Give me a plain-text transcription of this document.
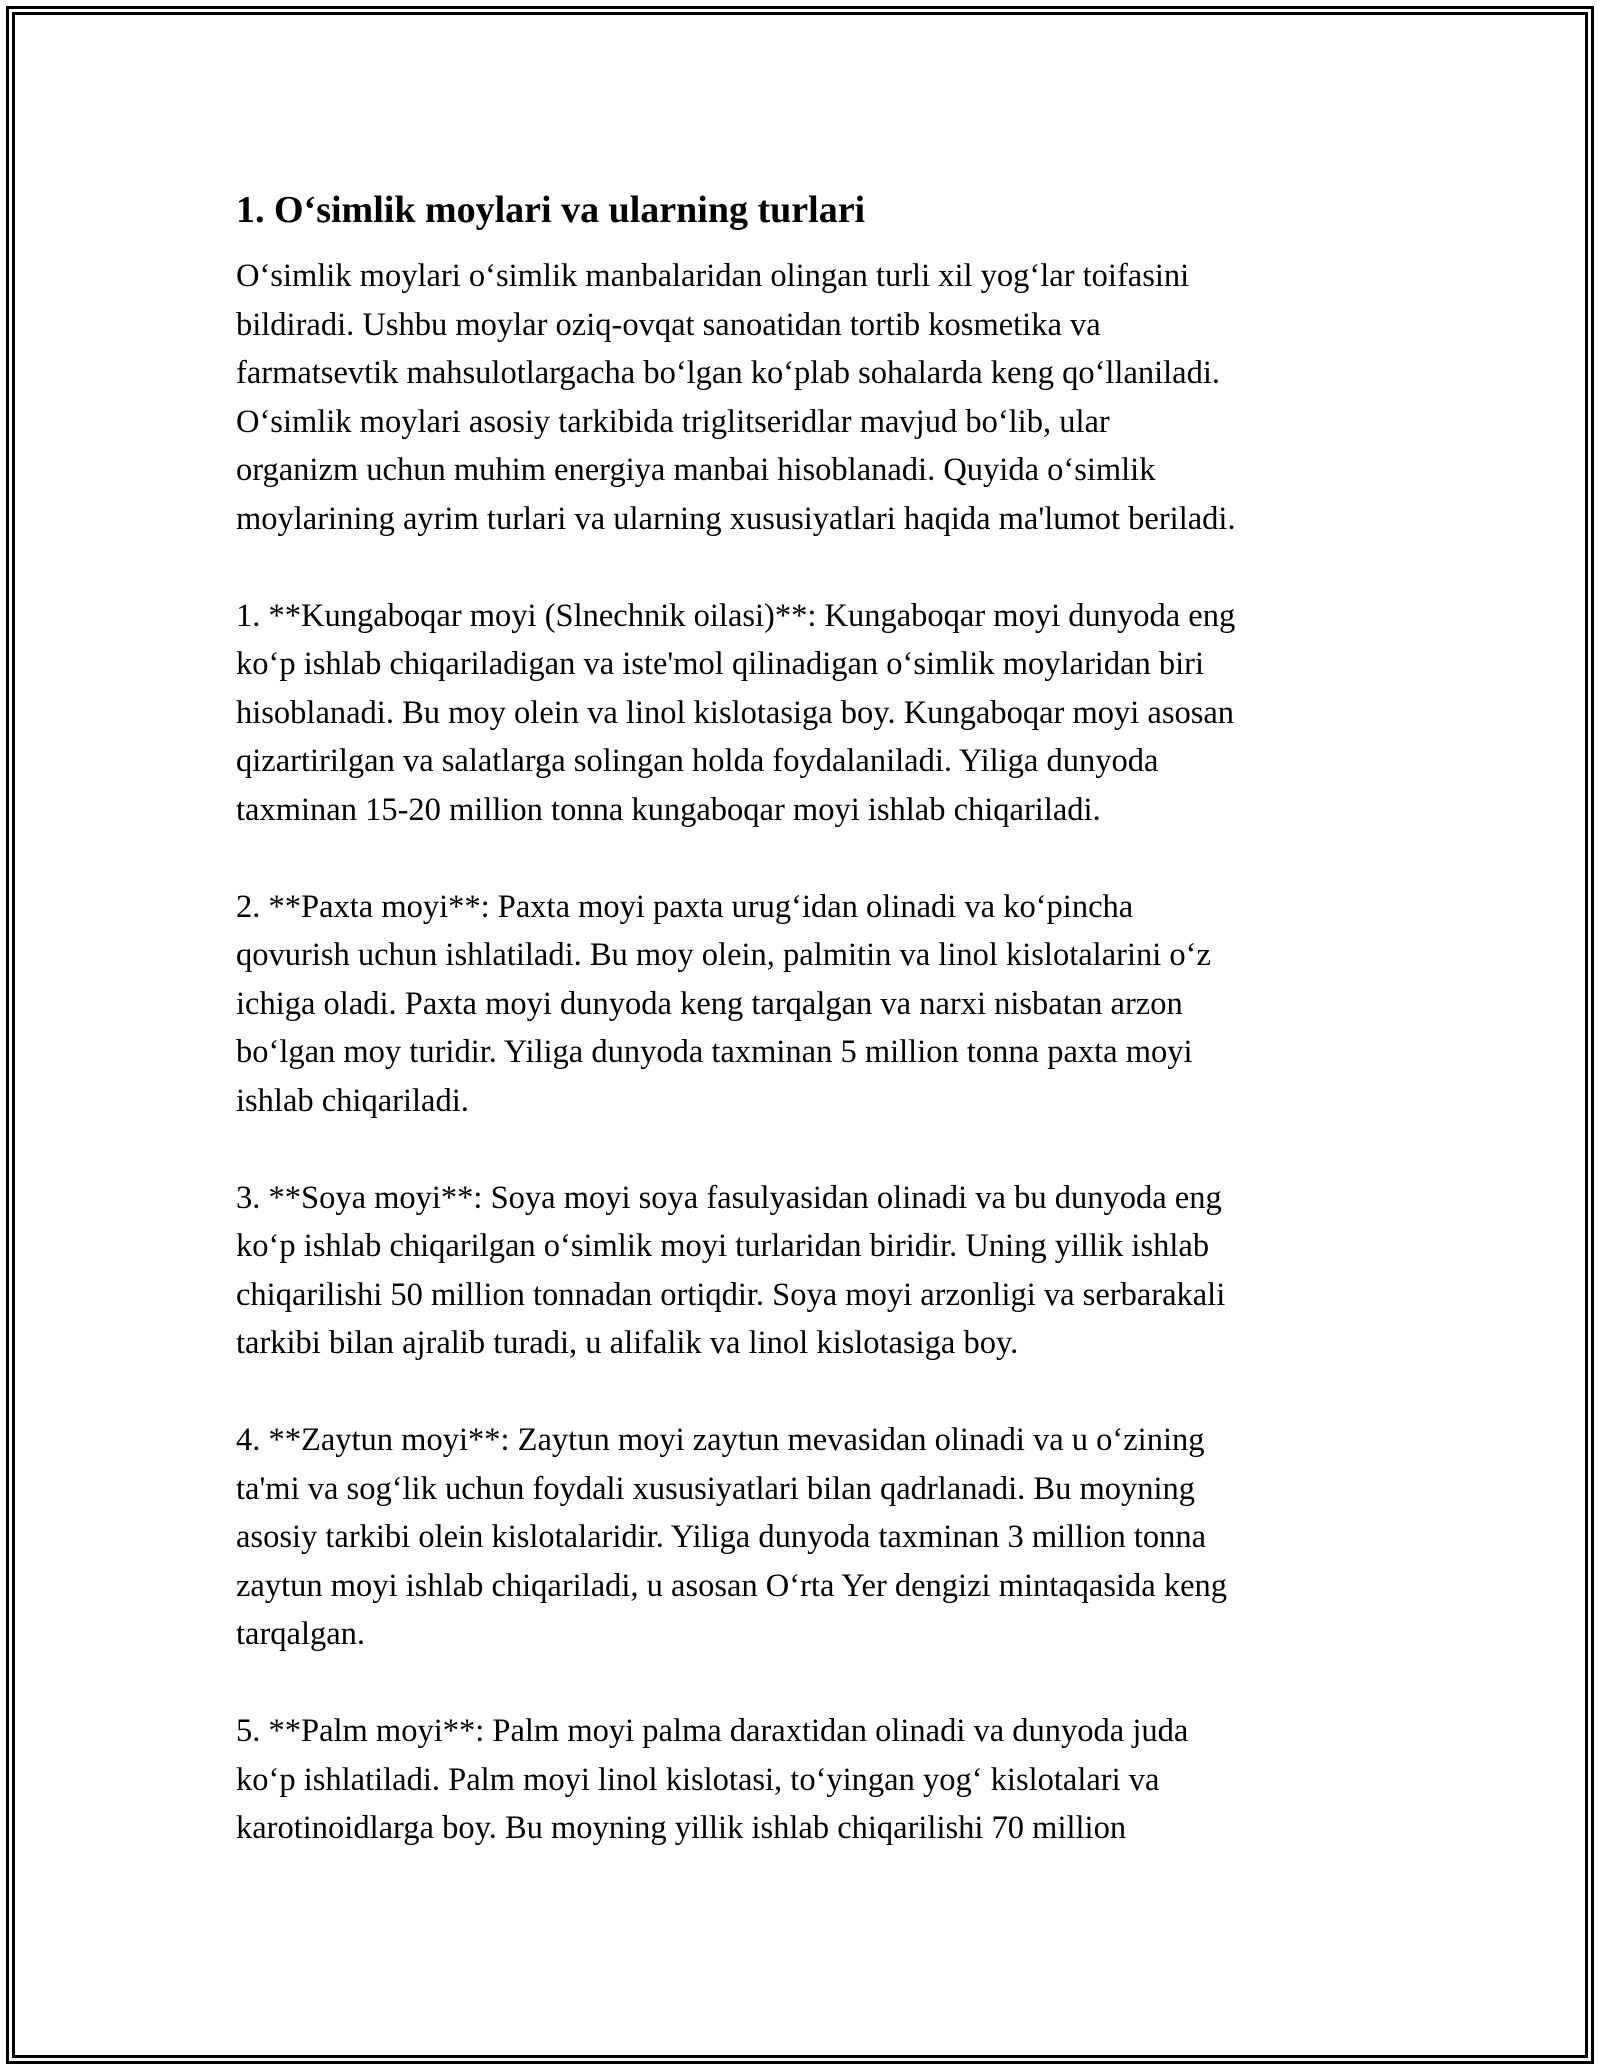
1. O‘simlik moylari va ularning turlari
O‘simlik moylari o‘simlik manbalaridan olingan turli xil yog‘lar toifasini
bildiradi. Ushbu moylar oziq-ovqat sanoatidan tortib kosmetika va
farmatsevtik mahsulotlargacha bo‘lgan ko‘plab sohalarda keng qo‘llaniladi.
O‘simlik moylari asosiy tarkibida triglitseridlar mavjud bo‘lib, ular
organizm uchun muhim energiya manbai hisoblanadi. Quyida o‘simlik
moylarining ayrim turlari va ularning xususiyatlari haqida ma'lumot beriladi.
1. **Kungaboqar moyi (Slnechnik oilasi)**: Kungaboqar moyi dunyoda eng
ko‘p ishlab chiqariladigan va iste'mol qilinadigan o‘simlik moylaridan biri
hisoblanadi. Bu moy olein va linol kislotasiga boy. Kungaboqar moyi asosan
qizartirilgan va salatlarga solingan holda foydalaniladi. Yiliga dunyoda
taxminan 15-20 million tonna kungaboqar moyi ishlab chiqariladi.
2. **Paxta moyi**: Paxta moyi paxta urug‘idan olinadi va ko‘pincha
qovurish uchun ishlatiladi. Bu moy olein, palmitin va linol kislotalarini o‘z
ichiga oladi. Paxta moyi dunyoda keng tarqalgan va narxi nisbatan arzon
bo‘lgan moy turidir. Yiliga dunyoda taxminan 5 million tonna paxta moyi
ishlab chiqariladi.
3. **Soya moyi**: Soya moyi soya fasulyasidan olinadi va bu dunyoda eng
ko‘p ishlab chiqarilgan o‘simlik moyi turlaridan biridir. Uning yillik ishlab
chiqarilishi 50 million tonnadan ortiqdir. Soya moyi arzonligi va serbarakali
tarkibi bilan ajralib turadi, u alifalik va linol kislotasiga boy.
4. **Zaytun moyi**: Zaytun moyi zaytun mevasidan olinadi va u o‘zining
ta'mi va sog‘lik uchun foydali xususiyatlari bilan qadrlanadi. Bu moyning
asosiy tarkibi olein kislotalaridir. Yiliga dunyoda taxminan 3 million tonna
zaytun moyi ishlab chiqariladi, u asosan O‘rta Yer dengizi mintaqasida keng
tarqalgan.
5. **Palm moyi**: Palm moyi palma daraxtidan olinadi va dunyoda juda
ko‘p ishlatiladi. Palm moyi linol kislotasi, to‘yingan yog‘ kislotalari va
karotinoidlarga boy. Bu moyning yillik ishlab chiqarilishi 70 million
